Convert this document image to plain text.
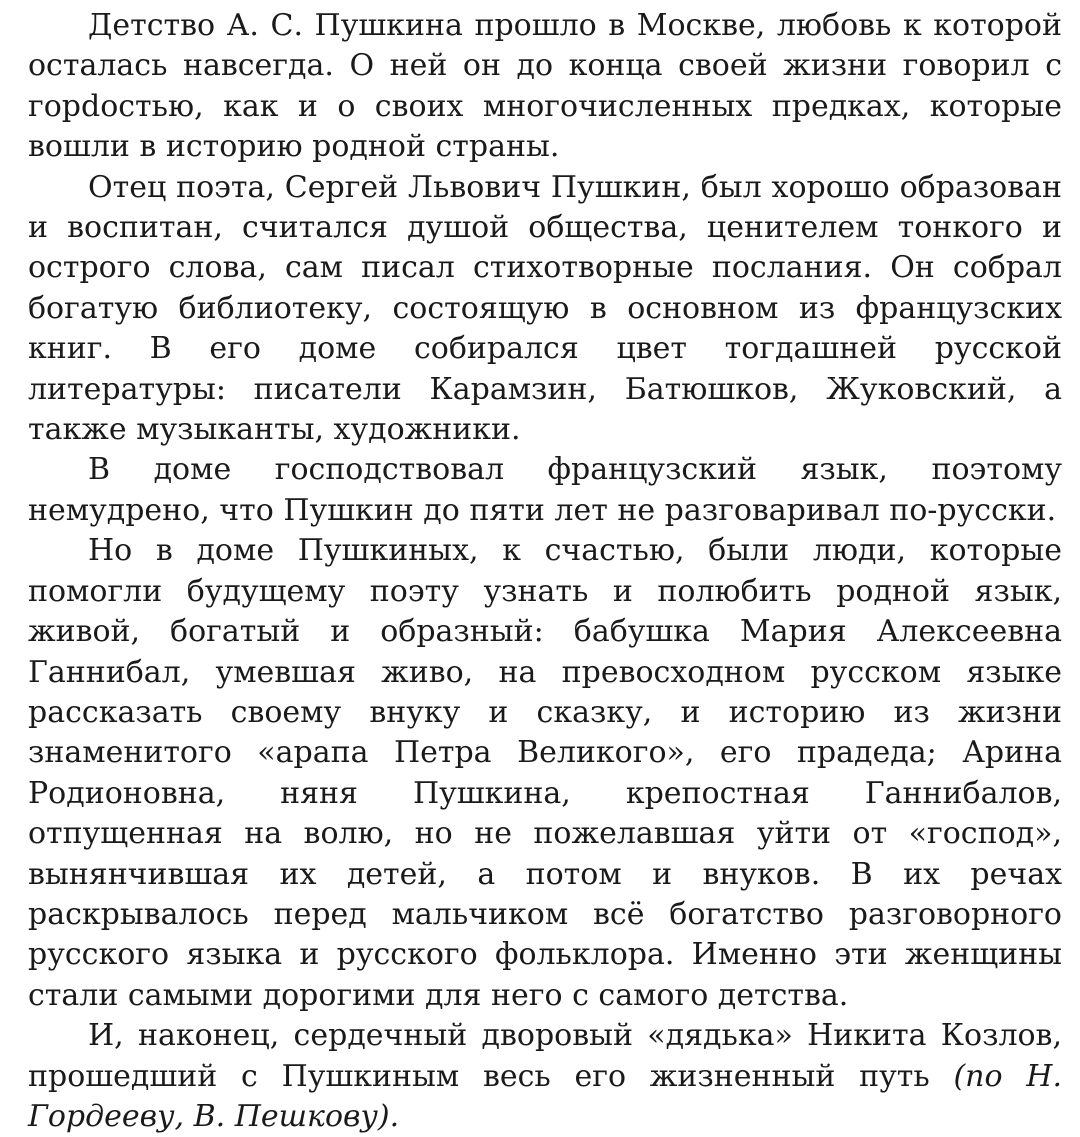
Детство А. С. Пушкина прошло в Москве, любовь к которой осталась навсегда. О ней он до конца своей жизни говорил с горdостью, как и о своих многочисленных предках, которые вошли в историю родной страны.

Отец поэта, Сергей Львович Пушкин, был хорошо образован и воспитан, считался душой общества, ценителем тонкого и острого слова, сам писал стихотворные послания. Он собрал богатую библиотеку, состоящую в основном из французских книг. В его доме собирался цвет тогдашней русской литературы: писатели Карамзин, Батюшков, Жуковский, а также музыканты, художники.

В доме господствовал французский язык, поэтому немудрено, что Пушкин до пяти лет не разговаривал по-русски.

Но в доме Пушкиных, к счастью, были люди, которые помогли будущему поэту узнать и полюбить родной язык, живой, богатый и образный: бабушка Мария Алексеевна Ганнибал, умевшая живо, на превосходном русском языке рассказать своему внуку и сказку, и историю из жизни знаменитого «арапа Петра Великого», его прадеда; Арина Родионовна, няня Пушкина, крепостная Ганнибалов, отпущенная на волю, но не пожелавшая уйти от «господ», вынянчившая их детей, а потом и внуков. В их речах раскрывалось перед мальчиком всё богатство разговорного русского языка и русского фольклора. Именно эти женщины стали самыми дорогими для него с самого детства.

И, наконец, сердечный дворовый «дядька» Никита Козлов, прошедший с Пушкиным весь его жизненный путь (по Н. Гордееву, В. Пешкову).
